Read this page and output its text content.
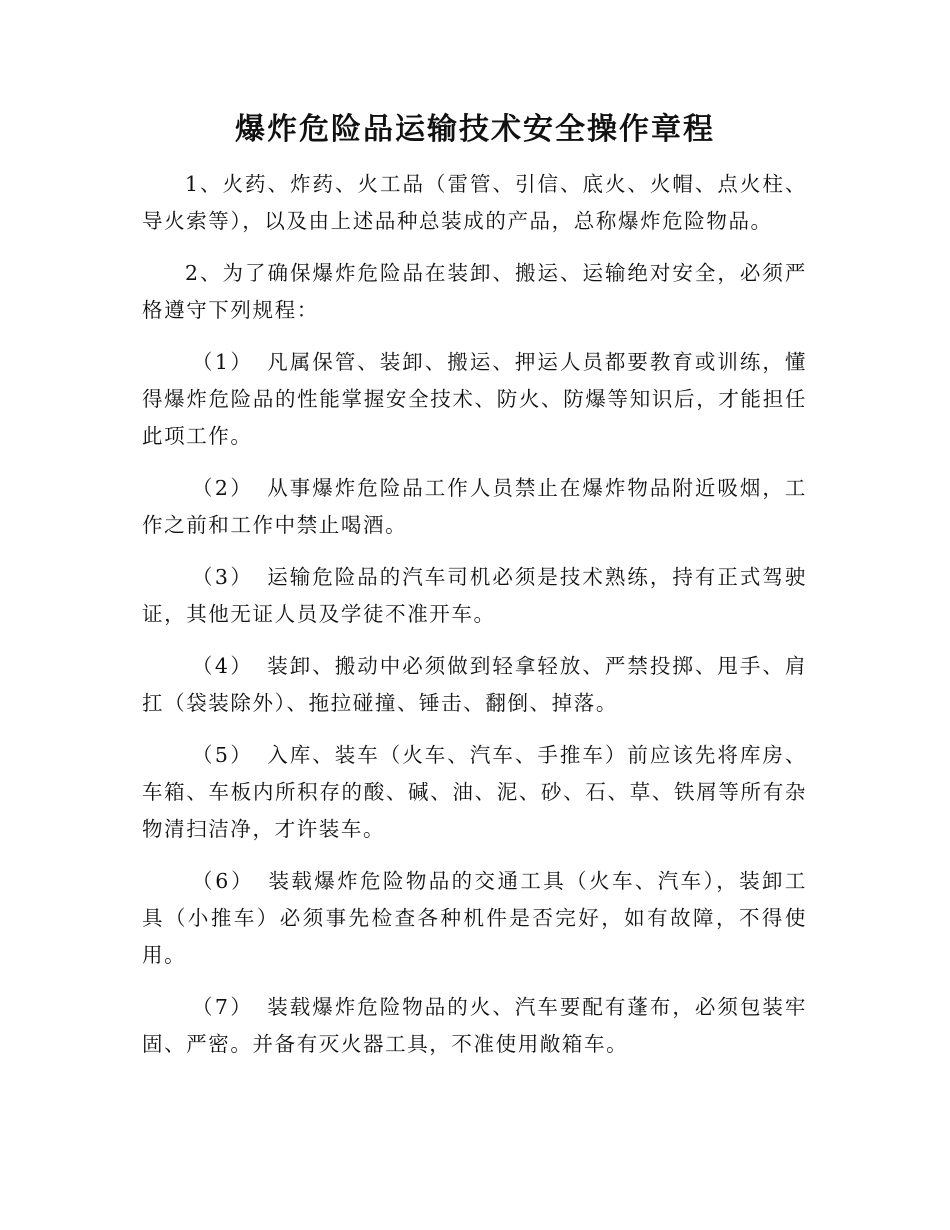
爆炸危险品运输技术安全操作章程

1、火药、炸药、火工品（雷管、引信、底火、火帽、点火柱、导火索等），以及由上述品种总装成的产品，总称爆炸危险物品。

2、为了确保爆炸危险品在装卸、搬运、运输绝对安全，必须严格遵守下列规程：

（1） 凡属保管、装卸、搬运、押运人员都要教育或训练，懂得爆炸危险品的性能掌握安全技术、防火、防爆等知识后，才能担任此项工作。

（2） 从事爆炸危险品工作人员禁止在爆炸物品附近吸烟，工作之前和工作中禁止喝酒。

（3） 运输危险品的汽车司机必须是技术熟练，持有正式驾驶证，其他无证人员及学徒不准开车。

（4） 装卸、搬动中必须做到轻拿轻放、严禁投掷、甩手、肩扛（袋装除外）、拖拉碰撞、锤击、翻倒、掉落。

（5） 入库、装车（火车、汽车、手推车）前应该先将库房、车箱、车板内所积存的酸、碱、油、泥、砂、石、草、铁屑等所有杂物清扫洁净，才许装车。

（6） 装载爆炸危险物品的交通工具（火车、汽车），装卸工具（小推车）必须事先检查各种机件是否完好，如有故障，不得使用。

（7） 装载爆炸危险物品的火、汽车要配有蓬布，必须包装牢固、严密。并备有灭火器工具，不准使用敞箱车。
